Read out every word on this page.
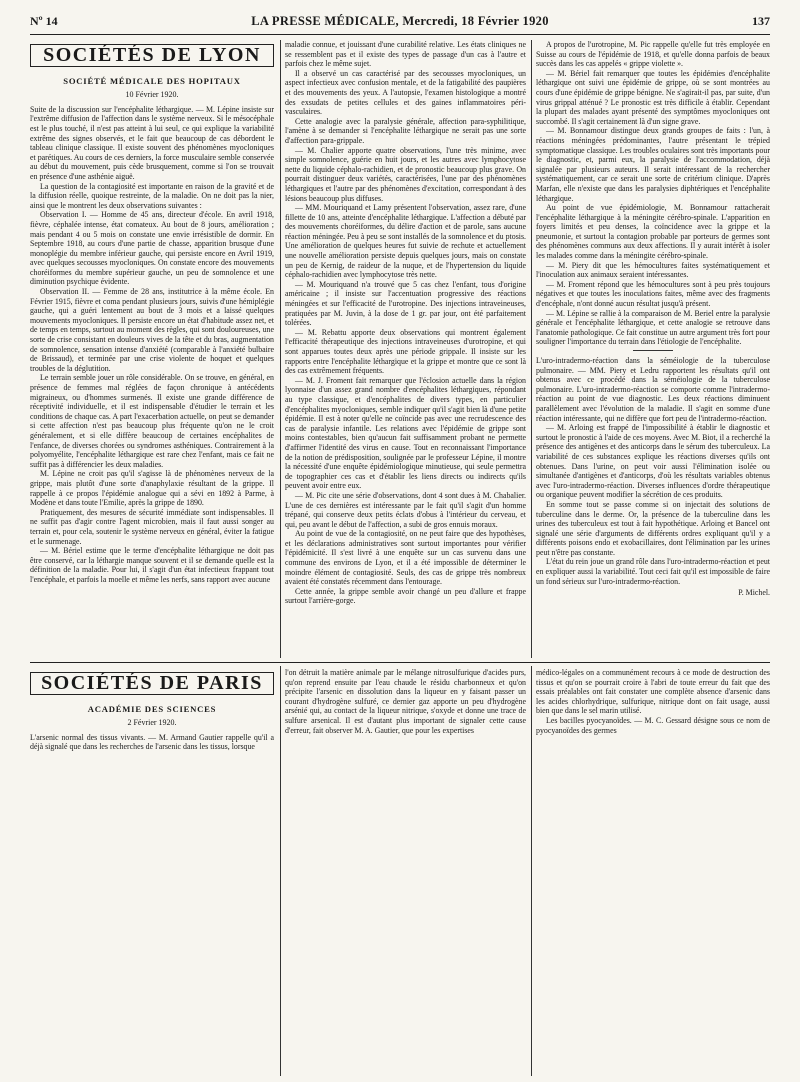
Nº 14	LA PRESSE MÉDICALE, Mercredi, 18 Février 1920	137
SOCIÉTÉS DE LYON
SOCIÉTÉ MÉDICALE DES HOPITAUX
10 Février 1920.

Suite de la discussion sur l'encéphalite léthargique. — M. Lépine insiste sur l'extrême diffusion de l'affection dans le système nerveux. Si le mésocéphale est le plus touché, il n'est pas atteint à lui seul, ce qui explique la variabilité extrême des signes observés, et le fait que beaucoup de cas débordent le tableau clinique classique. Il existe souvent des phénomènes myocloniques et parétiques. Au cours de ces derniers, la force musculaire semble conservée au début du mouvement, puis cède brusquement, comme si l'on se trouvait en présence d'une asthénie aiguë.

La question de la contagiosité est importante en raison de la gravité et de la diffusion réelle, quoique restreinte, de la maladie. On ne doit pas la nier, ainsi que le montrent les deux observations suivantes :

Observation I. — Homme de 45 ans, directeur d'école. En avril 1918, fièvre, céphalée intense, état comateux. Au bout de 8 jours, amélioration ; mais pendant 4 ou 5 mois on constate une envie irrésistible de dormir. En Septembre 1918, au cours d'une partie de chasse, apparition brusque d'une monoplégie du membre inférieur gauche, qui persiste encore en Avril 1919, avec quelques secousses myocloniques. On constate encore des mouvements choréiformes du membre supérieur gauche, un peu de somnolence et une diminution psychique évidente.

Observation II. — Femme de 28 ans, institutrice à la même école. En Février 1915, fièvre et coma pendant plusieurs jours, suivis d'une hémiplégie gauche, qui a guéri lentement au bout de 3 mois et a laissé quelques mouvements myocloniques. Il persiste encore un état d'habitude assez net, et de temps en temps, surtout au moment des règles, qui sont douloureuses, une sorte de crise consistant en douleurs vives de la tête et du bras, augmentation de somnolence, sensation intense d'anxiété (comparable à l'anxiété bulbaire de Brissaud), et terminée par une crise violente de hoquet et quelques troubles de la déglutition.

Le terrain semble jouer un rôle considérable. On se trouve, en général, en présence de femmes mal réglées de façon chronique à antécédents migraineux, ou d'hommes surmenés. Il existe une grande différence de réceptivité individuelle, et il est indispensable d'étudier le terrain et les conditions de chaque cas. A part l'exacerbation actuelle, on peut se demander si cette affection n'est pas beaucoup plus fréquente qu'on ne le croit généralement, et si elle diffère beaucoup de certaines encéphalites de l'enfance, de diverses chorées ou syndromes asthéniques. Contrairement à la polyomyélite, l'encéphalite léthargique est rare chez l'enfant, mais ce fait ne suffit pas à différencier les deux maladies.

M. Lépine ne croit pas qu'il s'agisse là de phénomènes nerveux de la grippe, mais plutôt d'une sorte d'anaphylaxie résultant de la grippe. Il rappelle à ce propos l'épidémie analogue qui a sévi en 1892 à Parme, à Modène et dans toute l'Emilie, après la grippe de 1890.

Pratiquement, des mesures de sécurité immédiate sont indispensables. Il ne suffit pas d'agir contre l'agent microbien, mais il faut aussi songer au terrain et, pour cela, soutenir le système nerveux en général, éviter la fatigue et le surmenage.

— M. Bériel estime que le terme d'encéphalite léthargique ne doit pas être conservé, car la léthargie manque souvent et il se demande quelle est la définition de la maladie. Pour lui, il s'agit d'un état infectieux frappant tout l'encéphale, et parfois la moelle et même les nerfs, sans rapport avec aucune

maladie connue, et jouissant d'une curabilité relative. Les états cliniques ne se ressemblent pas et il existe des types de passage d'un cas à l'autre et parfois chez le même sujet.

Il a observé un cas caractérisé par des secousses myocloniques, un aspect infectieux avec confusion mentale, et de la fatigabilité des paupières et des mouvements des yeux. A l'autopsie, l'examen histologique a montré des exsudats de petites cellules et des gaines inflammatoires péri-vasculaires.

Cette analogie avec la paralysie générale, affection para-syphilitique, l'amène à se demander si l'encéphalite léthargique ne serait pas une sorte d'affection para-grippale.

— M. Chalier apporte quatre observations, l'une très minime, avec simple somnolence, guérie en huit jours, et les autres avec lymphocytose nette du liquide céphalo-rachidien, et de pronostic beaucoup plus grave. On pourrait distinguer deux variétés, caractérisées, l'une par des phénomènes léthargiques et l'autre par des phénomènes d'excitation, correspondant à des lésions beaucoup plus diffuses.

— MM. Mouriquand et Lamy présentent l'observation, assez rare, d'une fillette de 10 ans, atteinte d'encéphalite léthargique. L'affection a débuté par des mouvements choréiformes, du délire d'action et de parole, sans aucune réaction méningée. Peu à peu se sont installés de la somnolence et du ptosis. Une amélioration de quelques heures fut suivie de rechute et actuellement une nouvelle amélioration persiste depuis quelques jours, mais on constate un peu de Kernig, de raideur de la nuque, et de l'hypertension du liquide céphalo-rachidien avec lymphocytose très nette.

— M. Mouriquand n'a trouvé que 5 cas chez l'enfant, tous d'origine américaine ; il insiste sur l'accentuation progressive des réactions méningées et sur l'efficacité de l'urotropine. Des injections intraveineuses, pratiquées par M. Juvin, à la dose de 1 gr. par jour, ont été parfaitement tolérées.

— M. Rebattu apporte deux observations qui montrent également l'efficacité thérapeutique des injections intraveineuses d'urotropine, et qui sont apparues toutes deux après une période grippale. Il insiste sur les rapports entre l'encéphalite léthargique et la grippe et montre que ce sont là des cas extrêmement fréquents.

— M. J. Froment fait remarquer que l'éclosion actuelle dans la région lyonnaise d'un assez grand nombre d'encéphalites léthargiques, répondant au type classique, et d'encéphalites de divers types, en particulier d'encéphalites myocloniques, semble indiquer qu'il s'agit bien là d'une petite épidémie. Il est à noter qu'elle ne coïncide pas avec une recrudescence des cas de paralysie infantile. Les relations avec l'épidémie de grippe sont moins contestables, bien qu'aucun fait suffisamment probant ne permette d'affirmer l'identité des virus en cause. Tout en reconnaissant l'importance de la notion de prédisposition, soulignée par le professeur Lépine, il montre la nécessité d'une enquête épidémiologique minutieuse, qui seule permettra de topographier ces cas et d'établir les liens directs ou indirects qu'ils peuvent avoir entre eux.

— M. Pic cite une série d'observations, dont 4 sont dues à M. Chabalier. L'une de ces dernières est intéressante par le fait qu'il s'agit d'un homme trépané, qui conserve deux petits éclats d'obus à l'intérieur du cerveau, et qui, peu avant le début de l'affection, a subi de gros ennuis moraux.

Au point de vue de la contagiosité, on ne peut faire que des hypothèses, et les déclarations administratives sont surtout importantes pour vérifier l'épidémicité. Il s'est livré à une enquête sur un cas survenu dans une commune des environs de Lyon, et il a été impossible de déterminer le moindre élément de contagiosité. Seuls, des cas de grippe très nombreux avaient été constatés récemment dans l'entourage.

Cette année, la grippe semble avoir changé un peu d'allure et frappe surtout l'arrière-gorge.

A propos de l'urotropine, M. Pic rappelle qu'elle fut très employée en Suisse au cours de l'épidémie de 1918, et qu'elle donna parfois de beaux succès dans les cas appelés « grippe violette ».

— M. Bériel fait remarquer que toutes les épidémies d'encéphalite léthargique ont suivi une épidémie de grippe, où se sont montrées au cours d'une épidémie de grippe bénigne. Ne s'agirait-il pas, par suite, d'un virus grippal atténué ? Le pronostic est très difficile à établir. Cependant la plupart des malades ayant présenté des symptômes myocloniques ont succombé. Il s'agit certainement là d'un signe grave.

— M. Bonnamour distingue deux grands groupes de faits : l'un, à réactions méningées prédominantes, l'autre présentant le trépied symptomatique classique. Les troubles oculaires sont très importants pour le diagnostic, et, parmi eux, la paralysie de l'accommodation, déjà signalée par plusieurs auteurs. Il serait intéressant de la rechercher systématiquement, car ce serait une sorte de critérium clinique. D'après Marfan, elle n'existe que dans les paralysies diphtériques et l'encéphalite léthargique.

Au point de vue épidémiologie, M. Bonnamour rattacherait l'encéphalite léthargique à la méningite cérébro-spinale. L'apparition en foyers limités et peu denses, la coïncidence avec la grippe et la pneumonie, et surtout la contagion probable par porteurs de germes sont des phénomènes communs aux deux affections. Il y aurait intérêt à isoler les malades comme dans la méningite cérébro-spinale.

— M. Piery dit que les hémocultures faites systématiquement et l'inoculation aux animaux seraient intéressantes.

— M. Froment répond que les hémocultures sont à peu près toujours négatives et que toutes les inoculations faites, même avec des fragments d'encéphale, n'ont donné aucun résultat jusqu'à présent.

— M. Lépine se rallie à la comparaison de M. Beriel entre la paralysie générale et l'encéphalite léthargique, et cette analogie se retrouve dans l'anatomie pathologique. Ce fait constitue un autre argument très fort pour souligner l'importance du terrain dans l'étiologie de l'encéphalite.

L'uro-intradermo-réaction dans la séméiologie de la tuberculose pulmonaire. — MM. Piery et Ledru rapportent les résultats qu'il ont obtenus avec ce procédé dans la séméiologie de la tuberculose pulmonaire. L'uro-intradermo-réaction se comporte comme l'intradermo-réaction au point de vue diagnostic. Les deux réactions diminuent parallèlement avec l'évolution de la maladie. Il s'agit en somme d'une réaction intéressante, qui ne diffère que fort peu de l'intradermo-réaction.

— M. Arloing est frappé de l'impossibilité à établir le diagnostic et surtout le pronostic à l'aide de ces moyens. Avec M. Biot, il a recherché la présence des antigènes et des anticorps dans le sérum des tuberculeux. La variabilité de ces substances explique les réactions diverses qu'ils ont obtenues. Dans l'urine, on peut voir aussi l'élimination isolée ou simultanée d'antigènes et d'anticorps, d'où les résultats variables obtenus avec l'uro-intradermo-réaction. Diverses influences d'ordre thérapeutique ou organique peuvent modifier la sécrétion de ces produits.

En somme tout se passe comme si on injectait des solutions de tuberculine dans le derme. Or, la présence de la tuberculine dans les urines des tuberculeux est tout à fait hypothétique. Arloing et Bancel ont signalé une série d'arguments de différents ordres expliquant qu'il y a différents poisons endo et exobacillaires, dont l'élimination par les urines peut n'être pas constante.

L'état du rein joue un grand rôle dans l'uro-intradermo-réaction et peut en expliquer aussi la variabilité. Tout ceci fait qu'il est impossible de faire un fond sérieux sur l'uro-intradermo-réaction.

P. Michel.
SOCIÉTÉS DE PARIS
ACADÉMIE DES SCIENCES
2 Février 1920.

L'arsenic normal des tissus vivants. — M. Armand Gautier rappelle qu'il a déjà signalé que dans les recherches de l'arsenic dans les tissus, lorsque

l'on détruit la matière animale par le mélange nitrosulfurique d'acides purs, qu'on reprend ensuite par l'eau chaude le résidu charbonneux et qu'on précipite l'arsenic en dissolution dans la liqueur en y faisant passer un courant d'hydrogène sulfuré, ce dernier gaz apporte un peu d'hydrogène arsénié qui, au contact de la liqueur nitrique, s'oxyde et donne une trace de sulfure arsenical. Il est d'autant plus important de signaler cette cause d'erreur, fait observer M. A. Gautier, que pour les expertises

médico-légales on a communément recours à ce mode de destruction des tissus et qu'on se pourrait croire à l'abri de toute erreur du fait que des essais préalables ont fait constater une complète absence d'arsenic dans les acides chlorhydrique, sulfurique, nitrique dont on fait usage, aussi bien que dans le sel marin utilisé.

Les bacilles pyocyanoïdes. — M. C. Gessard désigne sous ce nom de pyocyanoïdes des germes
